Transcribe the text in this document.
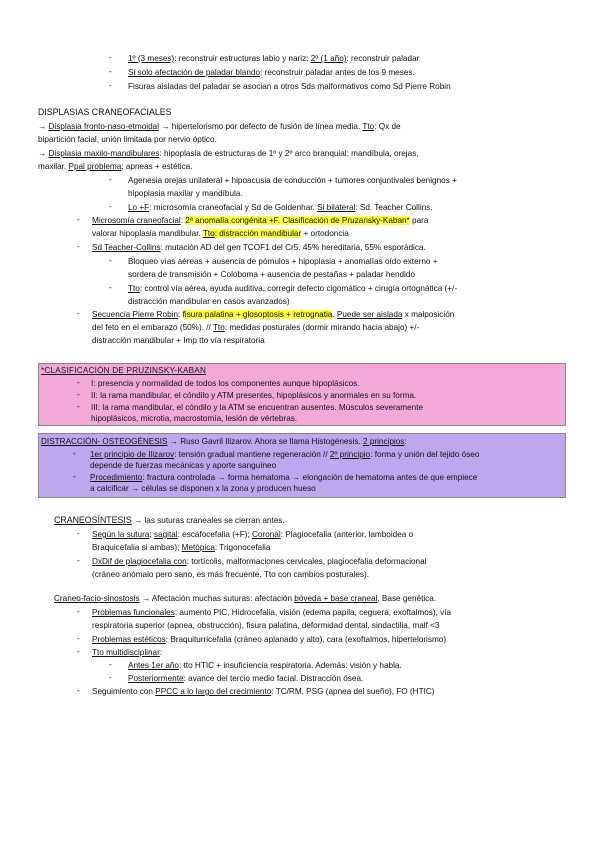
- 1º (3 meses): reconstruir estructuras labio y nariz; 2º (1 año): reconstruir paladar
- Si solo afectación de paladar blando: reconstruir paladar antes de los 9 meses.
- Fisuras aisladas del paladar se asocian a otros Sds malformativos como Sd Pierre Robin
DISPLASIAS CRANEOFACIALES
→ Displasia fronto-naso-etmoidal → hipertelorismo por defecto de fusión de línea media. Tto: Qx de
bipartición facial, unión limitada por nervio óptico.
→ Displasia maxilo-mandibulares: hipoplasia de estructuras de 1º y 2º arco branquial: mandíbula, orejas,
maxilar. Ppal problema: apneas + estética.
- Agenesia orejas unilateral + hipoacusia de conducción + tumores conjuntivales benignos +
hipoplasia maxilar y mandíbula.
- Lo +F: microsomía craneofacial y Sd de Goldenhar. Si bilateral: Sd. Teacher Collins.
- Microsomía craneofacial: 2ª anomalía congénita +F. Clasificación de Pruzansky-Kaban* para
valorar hipoplasia mandibular. Tto: distracción mandibular + ortodoncia
- Sd Teacher-Collins: mutación AD del gen TCOF1 del Cr5. 45% hereditaria, 55% esporádica.
- Bloqueo vías aéreas + ausencia de pómulos + hipoplasia + anomalías oído externo +
sordera de transmisión + Coloboma + ausencia de pestañas + paladar hendido
- Tto: control vía aérea, ayuda auditiva, corregir defecto cigomático + cirugía ortognática (+/-
distracción mandibular en casos avanzados)
- Secuencia Pierre Robin: fisura palatina + glosoptosis + retrognatia. Puede ser aislada x malposición
del feto en el embarazo (50%). // Tto: medidas posturales (dormir mirando hacia abajo) +/-
distracción mandibular + Imp tto vía respiratoria
*CLASIFICACIÓN DE PRUZINSKY-KABAN
- I: presencia y normalidad de todos los componentes aunque hipoplásicos.
- II: la rama mandibular, el cóndilo y ATM presentes, hipoplásicos y anormales en su forma.
- III: la rama mandibular, el cóndilo y la ATM se encuentran ausentes. Músculos severamente
hipoplásicos, microtia, macrostomía, lesión de vértebras.
DISTRACCIÓN- OSTEOGÉNESIS → Ruso Gavril Ilizarov. Ahora se llama Histogénesis. 2 principios:
- 1er principio de Ilizarov: tensión gradual mantiene regeneración // 2º principio: forma y unión del tejido óseo
depende de fuerzas mecánicas y aporte sanguíneo
- Procedimiento: fractura controlada → forma hematoma → elongación de hematoma antes de que empiece
a calcificar → células se disponen x la zona y producen hueso
CRANEOSÍNTESIS → las suturas craneales se cierran antes.
- Según la sutura: sagital: escafocefalia (+F); Coronal: Plagiocefalia (anterior, lamboidea o
Braquicefalia si ambas); Metópica: Trigonocefalia
- DxDif de plagiocefalia con: tortícolis, malformaciones cervicales, plagiocefalia deformacional
(cráneo anómalo pero sano, es más frecuente. Tto con cambios posturales).
Craneo-facio-sinostosis → Afectación muchas suturas: afectación bóveda + base craneal. Base genética.
- Problemas funcionales: aumento PIC, Hidrocefalia, visión (edema papila, ceguera, exoftalmos), vía
respiratoria superior (apnea, obstrucción), fisura palatina, deformidad dental, sindactilia, malf <3
- Problemas estéticos: Braquiturricefalia (cráneo aplanado y alto), cara (exoftalmos, hipertelorismo)
- Tto multidisciplinar:
- Antes 1er año: tto HTIC + insuficiencia respiratoria. Además: visión y habla.
- Posteriormente: avance del tercio medio facial. Distracción ósea.
- Seguimiento con PPCC a lo largo del crecimiento: TC/RM, PSG (apnea del sueño), FO (HTIC)
